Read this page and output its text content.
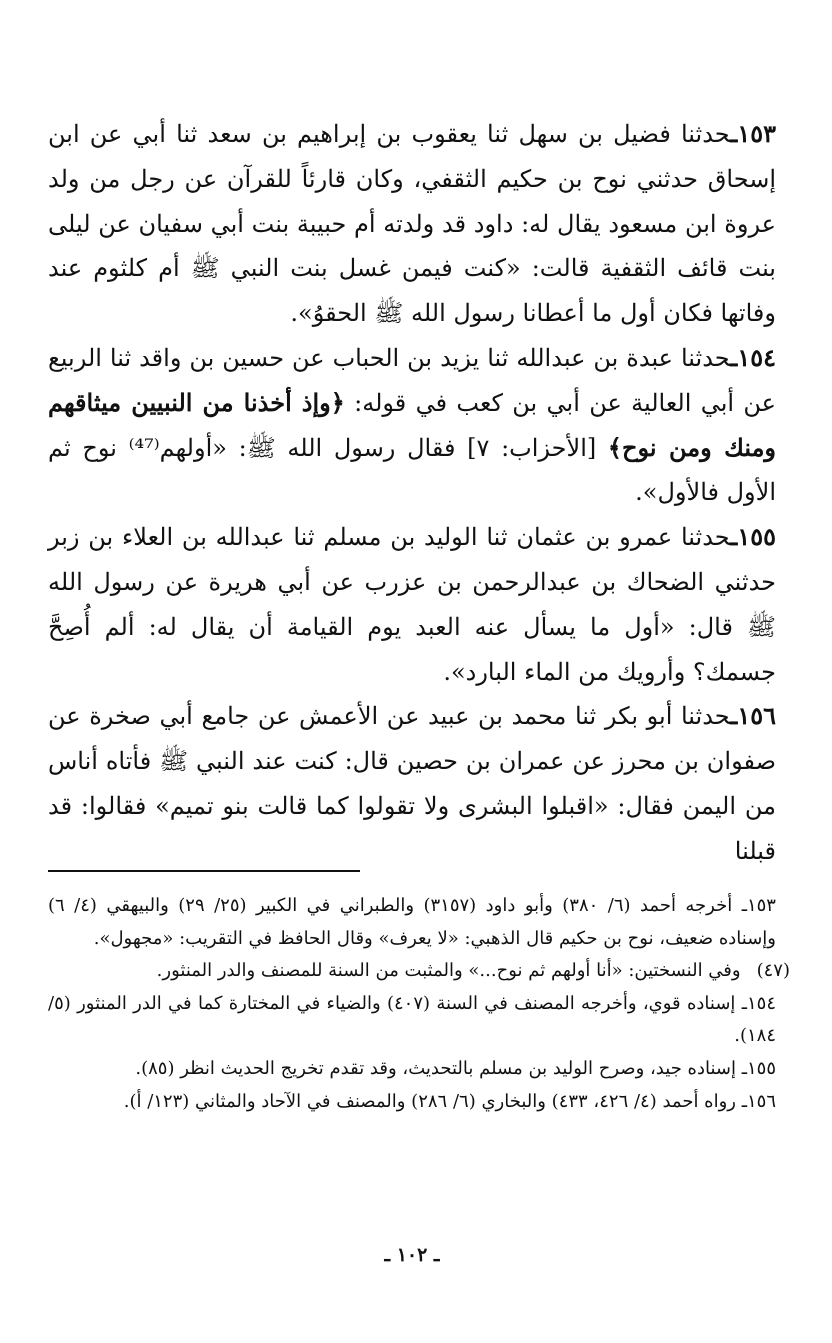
١٥٣ـحدثنا فضيل بن سهل ثنا يعقوب بن إبراهيم بن سعد ثنا أبي عن ابن إسحاق حدثني نوح بن حكيم الثقفي، وكان قارئاً للقرآن عن رجل من ولد عروة ابن مسعود يقال له: داود قد ولدته أم حبيبة بنت أبي سفيان عن ليلى بنت قائف الثقفية قالت: «كنت فيمن غسل بنت النبي ﷺ أم كلثوم عند وفاتها فكان أول ما أعطانا رسول الله ﷺ الحقوُ».

١٥٤ـحدثنا عبدة بن عبدالله ثنا يزيد بن الحباب عن حسين بن واقد ثنا الربيع عن أبي العالية عن أبي بن كعب في قوله: ﴿وإذ أخذنا من النبيين ميثاقهم ومنك ومن نوح﴾ [الأحزاب: ٧] فقال رسول الله ﷺ: «أولهم⁽⁴⁷⁾ نوح ثم الأول فالأول».

١٥٥ـحدثنا عمرو بن عثمان ثنا الوليد بن مسلم ثنا عبدالله بن العلاء بن زبر حدثني الضحاك بن عبدالرحمن بن عزرب عن أبي هريرة عن رسول الله ﷺ قال: «أول ما يسأل عنه العبد يوم القيامة أن يقال له: ألم أُصِحَّ جسمك؟ وأرويك من الماء البارد».

١٥٦ـحدثنا أبو بكر ثنا محمد بن عبيد عن الأعمش عن جامع أبي صخرة عن صفوان بن محرز عن عمران بن حصين قال: كنت عند النبي ﷺ فأتاه أناس من اليمن فقال: «اقبلوا البشرى ولا تقولوا كما قالت بنو تميم» فقالوا: قد قبلنا

١٥٣ـ أخرجه أحمد (٦/ ٣٨٠) وأبو داود (٣١٥٧) والطبراني في الكبير (٢٥/ ٢٩) والبيهقي (٤/ ٦) وإسناده ضعيف، نوح بن حكيم قال الذهبي: «لا يعرف» وقال الحافظ في التقريب: «مجهول».

(٤٧)
وفي النسختين: «أنا أولهم ثم نوح...» والمثبت من السنة للمصنف والدر المنثور.

١٥٤ـ إسناده قوي، وأخرجه المصنف في السنة (٤٠٧) والضياء في المختارة كما في الدر المنثور (٥/ ١٨٤).

١٥٥ـ إسناده جيد، وصرح الوليد بن مسلم بالتحديث، وقد تقدم تخريج الحديث انظر (٨٥).

١٥٦ـ رواه أحمد (٤/ ٤٢٦، ٤٣٣) والبخاري (٦/ ٢٨٦) والمصنف في الآحاد والمثاني (١٢٣/ أ).

ـ ١٠٢ ـ
